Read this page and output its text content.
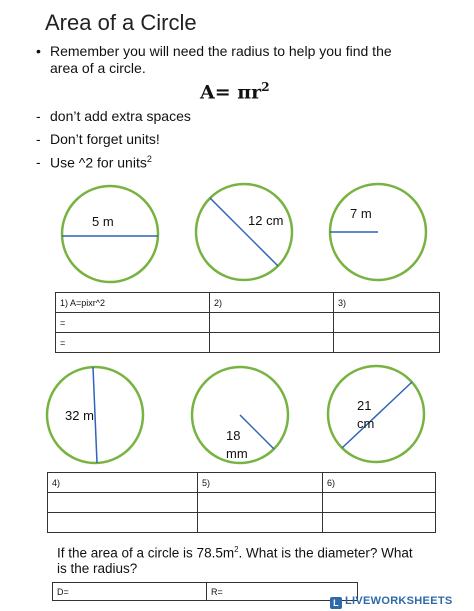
Area of a Circle
• Remember you will need the radius to help you find the
area of a circle.
$A= \pi r^2$
- don’t add extra spaces
- Don’t forget units!
- Use ^2 for units$^2$
5 m	12 cm	7 m
32 m
18
mm
21
cm
1) A=pixr^2	2)	3)
=		
=		
4)	5)	6)

If the area of a circle is $78.5m^2$. What is the diameter? What
is the radius?
D=	R=
L LIVEWORKSHEETS
